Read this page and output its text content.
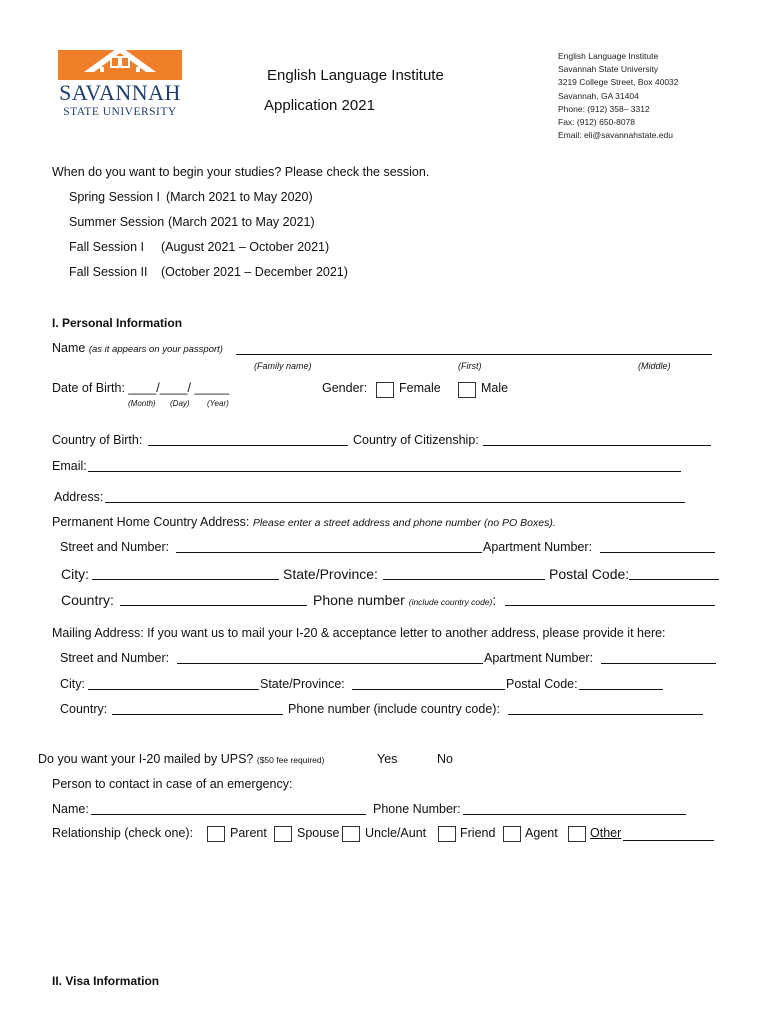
SAVANNAH
STATE UNIVERSITY
English Language Institute
Application 2021
English Language Institute
Savannah State University
3219 College Street, Box 40032
Savannah, GA 31404
Phone: (912) 358– 3312
Fax: (912) 650-8078
Email: eli@savannahstate.edu
When do you want to begin your studies? Please check the session.
Spring Session I (March 2021 to May 2020)
Summer Session (March 2021 to May 2021)
Fall Session I (August 2021 – October 2021)
Fall Session II (October 2021 – December 2021)
I. Personal Information
Name (as it appears on your passport)
(Family name)	(First)	(Middle)
Date of Birth: ____/____/ _____
(Month) (Day) (Year)
Gender:	Female	Male
Country of Birth:	Country of Citizenship:
Email:
Address:
Permanent Home Country Address: Please enter a street address and phone number (no PO Boxes).
Street and Number:	Apartment Number:
City:	State/Province:	Postal Code:
Country:	Phone number (include country code):
Mailing Address: If you want us to mail your I-20 & acceptance letter to another address, please provide it here:
Street and Number:	Apartment Number:
City:	State/Province:	Postal Code:
Country:	Phone number (include country code):
Do you want your I-20 mailed by UPS? ($50 fee required)	Yes	No
Person to contact in case of an emergency:
Name:	Phone Number:
Relationship (check one):	Parent Spouse Uncle/Aunt	Friend Agent	Other
II. Visa Information
